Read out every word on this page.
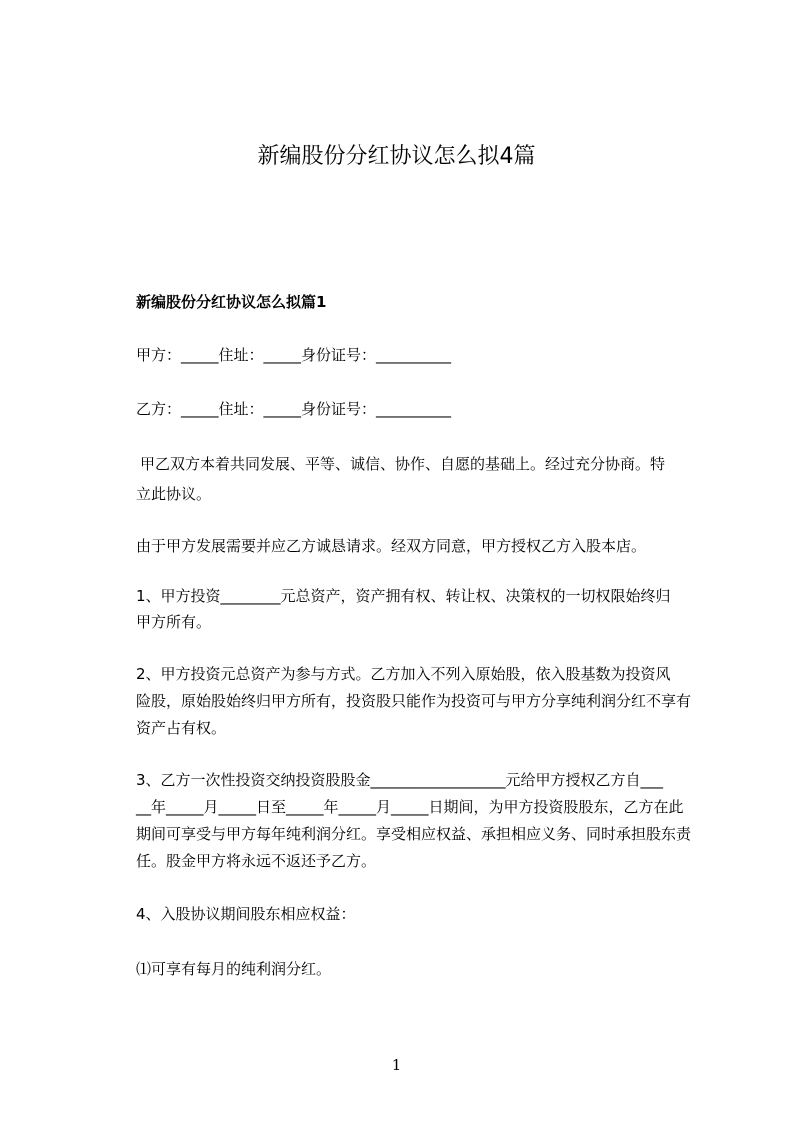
新编股份分红协议怎么拟4篇
新编股份分红协议怎么拟篇1
甲方：_____住址：_____身份证号：__________
乙方：_____住址：_____身份证号：__________
甲乙双方本着共同发展、平等、诚信、协作、自愿的基础上。经过充分协商。特
立此协议。
由于甲方发展需要并应乙方诚恳请求。经双方同意，甲方授权乙方入股本店。
1、甲方投资________元总资产，资产拥有权、转让权、决策权的一切权限始终归
甲方所有。
2、甲方投资元总资产为参与方式。乙方加入不列入原始股，依入股基数为投资风
险股，原始股始终归甲方所有，投资股只能作为投资可与甲方分享纯利润分红不享有
资产占有权。
3、乙方一次性投资交纳投资股股金__________________元给甲方授权乙方自___
__年_____月_____日至_____年_____月_____日期间，为甲方投资股股东，乙方在此
期间可享受与甲方每年纯利润分红。享受相应权益、承担相应义务、同时承担股东责
任。股金甲方将永远不返还予乙方。
4、入股协议期间股东相应权益：
⑴可享有每月的纯利润分红。
1
